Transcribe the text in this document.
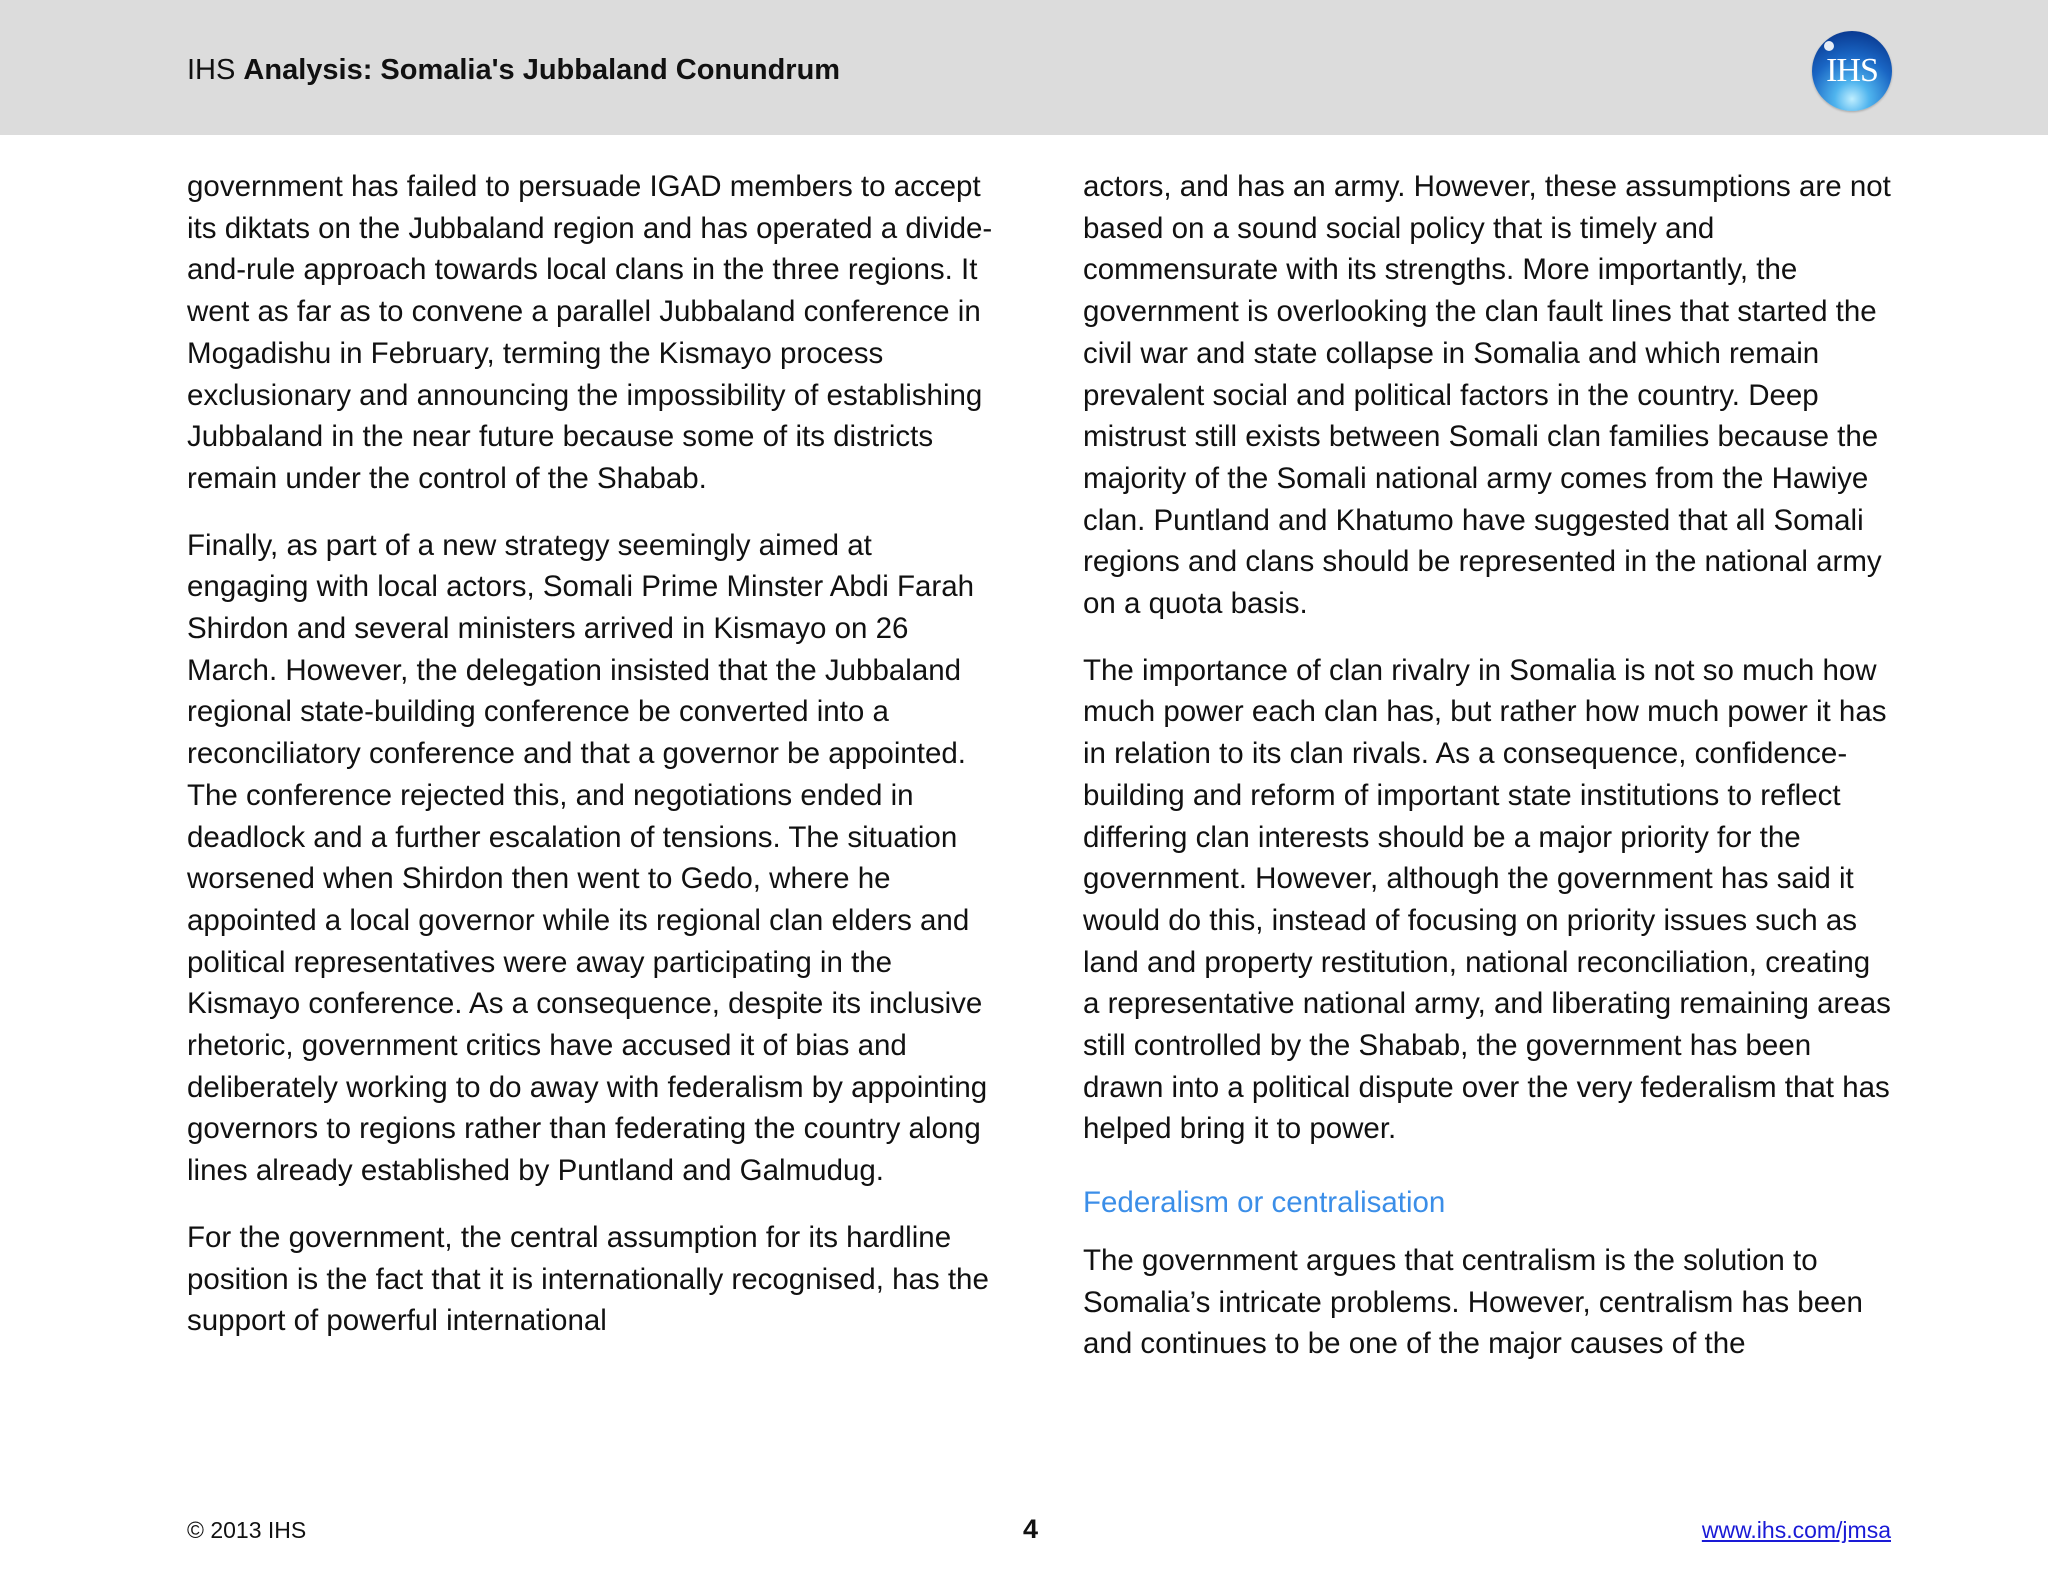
IHS Analysis: Somalia's Jubbaland Conundrum	IHS

government has failed to persuade IGAD members to accept its diktats on the Jubbaland region and has operated a divide-and-rule approach towards local clans in the three regions. It went as far as to convene a parallel Jubbaland conference in Mogadishu in February, terming the Kismayo process exclusionary and announcing the impossibility of establishing Jubbaland in the near future because some of its districts remain under the control of the Shabab.

Finally, as part of a new strategy seemingly aimed at engaging with local actors, Somali Prime Minster Abdi Farah Shirdon and several ministers arrived in Kismayo on 26 March. However, the delegation insisted that the Jubbaland regional state-building conference be converted into a reconciliatory conference and that a governor be appointed. The conference rejected this, and negotiations ended in deadlock and a further escalation of tensions. The situation worsened when Shirdon then went to Gedo, where he appointed a local governor while its regional clan elders and political representatives were away participating in the Kismayo conference. As a consequence, despite its inclusive rhetoric, government critics have accused it of bias and deliberately working to do away with federalism by appointing governors to regions rather than federating the country along lines already established by Puntland and Galmudug.

For the government, the central assumption for its hardline position is the fact that it is internationally recognised, has the support of powerful international

actors, and has an army. However, these assumptions are not based on a sound social policy that is timely and commensurate with its strengths. More importantly, the government is overlooking the clan fault lines that started the civil war and state collapse in Somalia and which remain prevalent social and political factors in the country. Deep mistrust still exists between Somali clan families because the majority of the Somali national army comes from the Hawiye clan. Puntland and Khatumo have suggested that all Somali regions and clans should be represented in the national army on a quota basis.

The importance of clan rivalry in Somalia is not so much how much power each clan has, but rather how much power it has in relation to its clan rivals. As a consequence, confidence-building and reform of important state institutions to reflect differing clan interests should be a major priority for the government. However, although the government has said it would do this, instead of focusing on priority issues such as land and property restitution, national reconciliation, creating a representative national army, and liberating remaining areas still controlled by the Shabab, the government has been drawn into a political dispute over the very federalism that has helped bring it to power.

Federalism or centralisation

The government argues that centralism is the solution to Somalia’s intricate problems. However, centralism has been and continues to be one of the major causes of the

© 2013 IHS	4	www.ihs.com/jmsa
